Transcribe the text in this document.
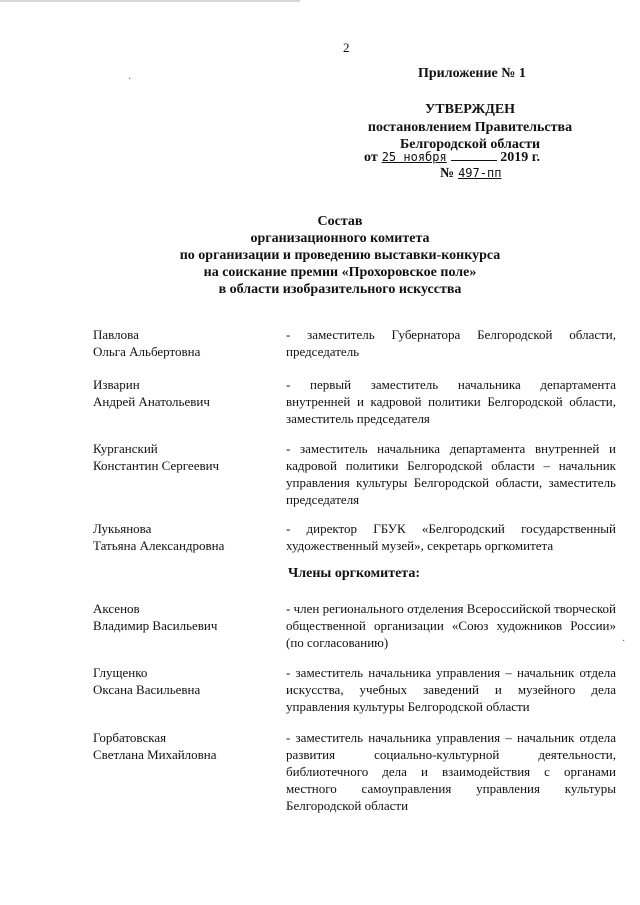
2
Приложение № 1
УТВЕРЖДЕН
постановлением Правительства
Белгородской области
от 25 ноября	2019 г.
№ 497-пп
Состав
организационного комитета
по организации и проведению выставки-конкурса
на соискание премии «Прохоровское поле»
в области изобразительного искусства
Павлова
Ольга Альбертовна
- заместитель Губернатора Белгородской области, председатель
Изварин
Андрей Анатольевич
- первый заместитель начальника департамента внутренней и кадровой политики Белгородской области, заместитель председателя
Курганский
Константин Сергеевич
- заместитель начальника департамента внутренней и кадровой политики Белгородской области – начальник управления культуры Белгородской области, заместитель председателя
Лукьянова
Татьяна Александровна
- директор ГБУК «Белгородский государственный художественный музей», секретарь оргкомитета
Члены оргкомитета:
Аксенов
Владимир Васильевич
- член регионального отделения Всероссийской творческой общественной организации «Союз художников России» (по согласованию)
Глущенко
Оксана Васильевна
- заместитель начальника управления – начальник отдела искусства, учебных заведений и музейного дела управления культуры Белгородской области
Горбатовская
Светлана Михайловна
- заместитель начальника управления – начальник отдела развития социально-культурной деятельности, библиотечного дела и взаимодействия с органами местного самоуправления управления культуры Белгородской области
·
·
